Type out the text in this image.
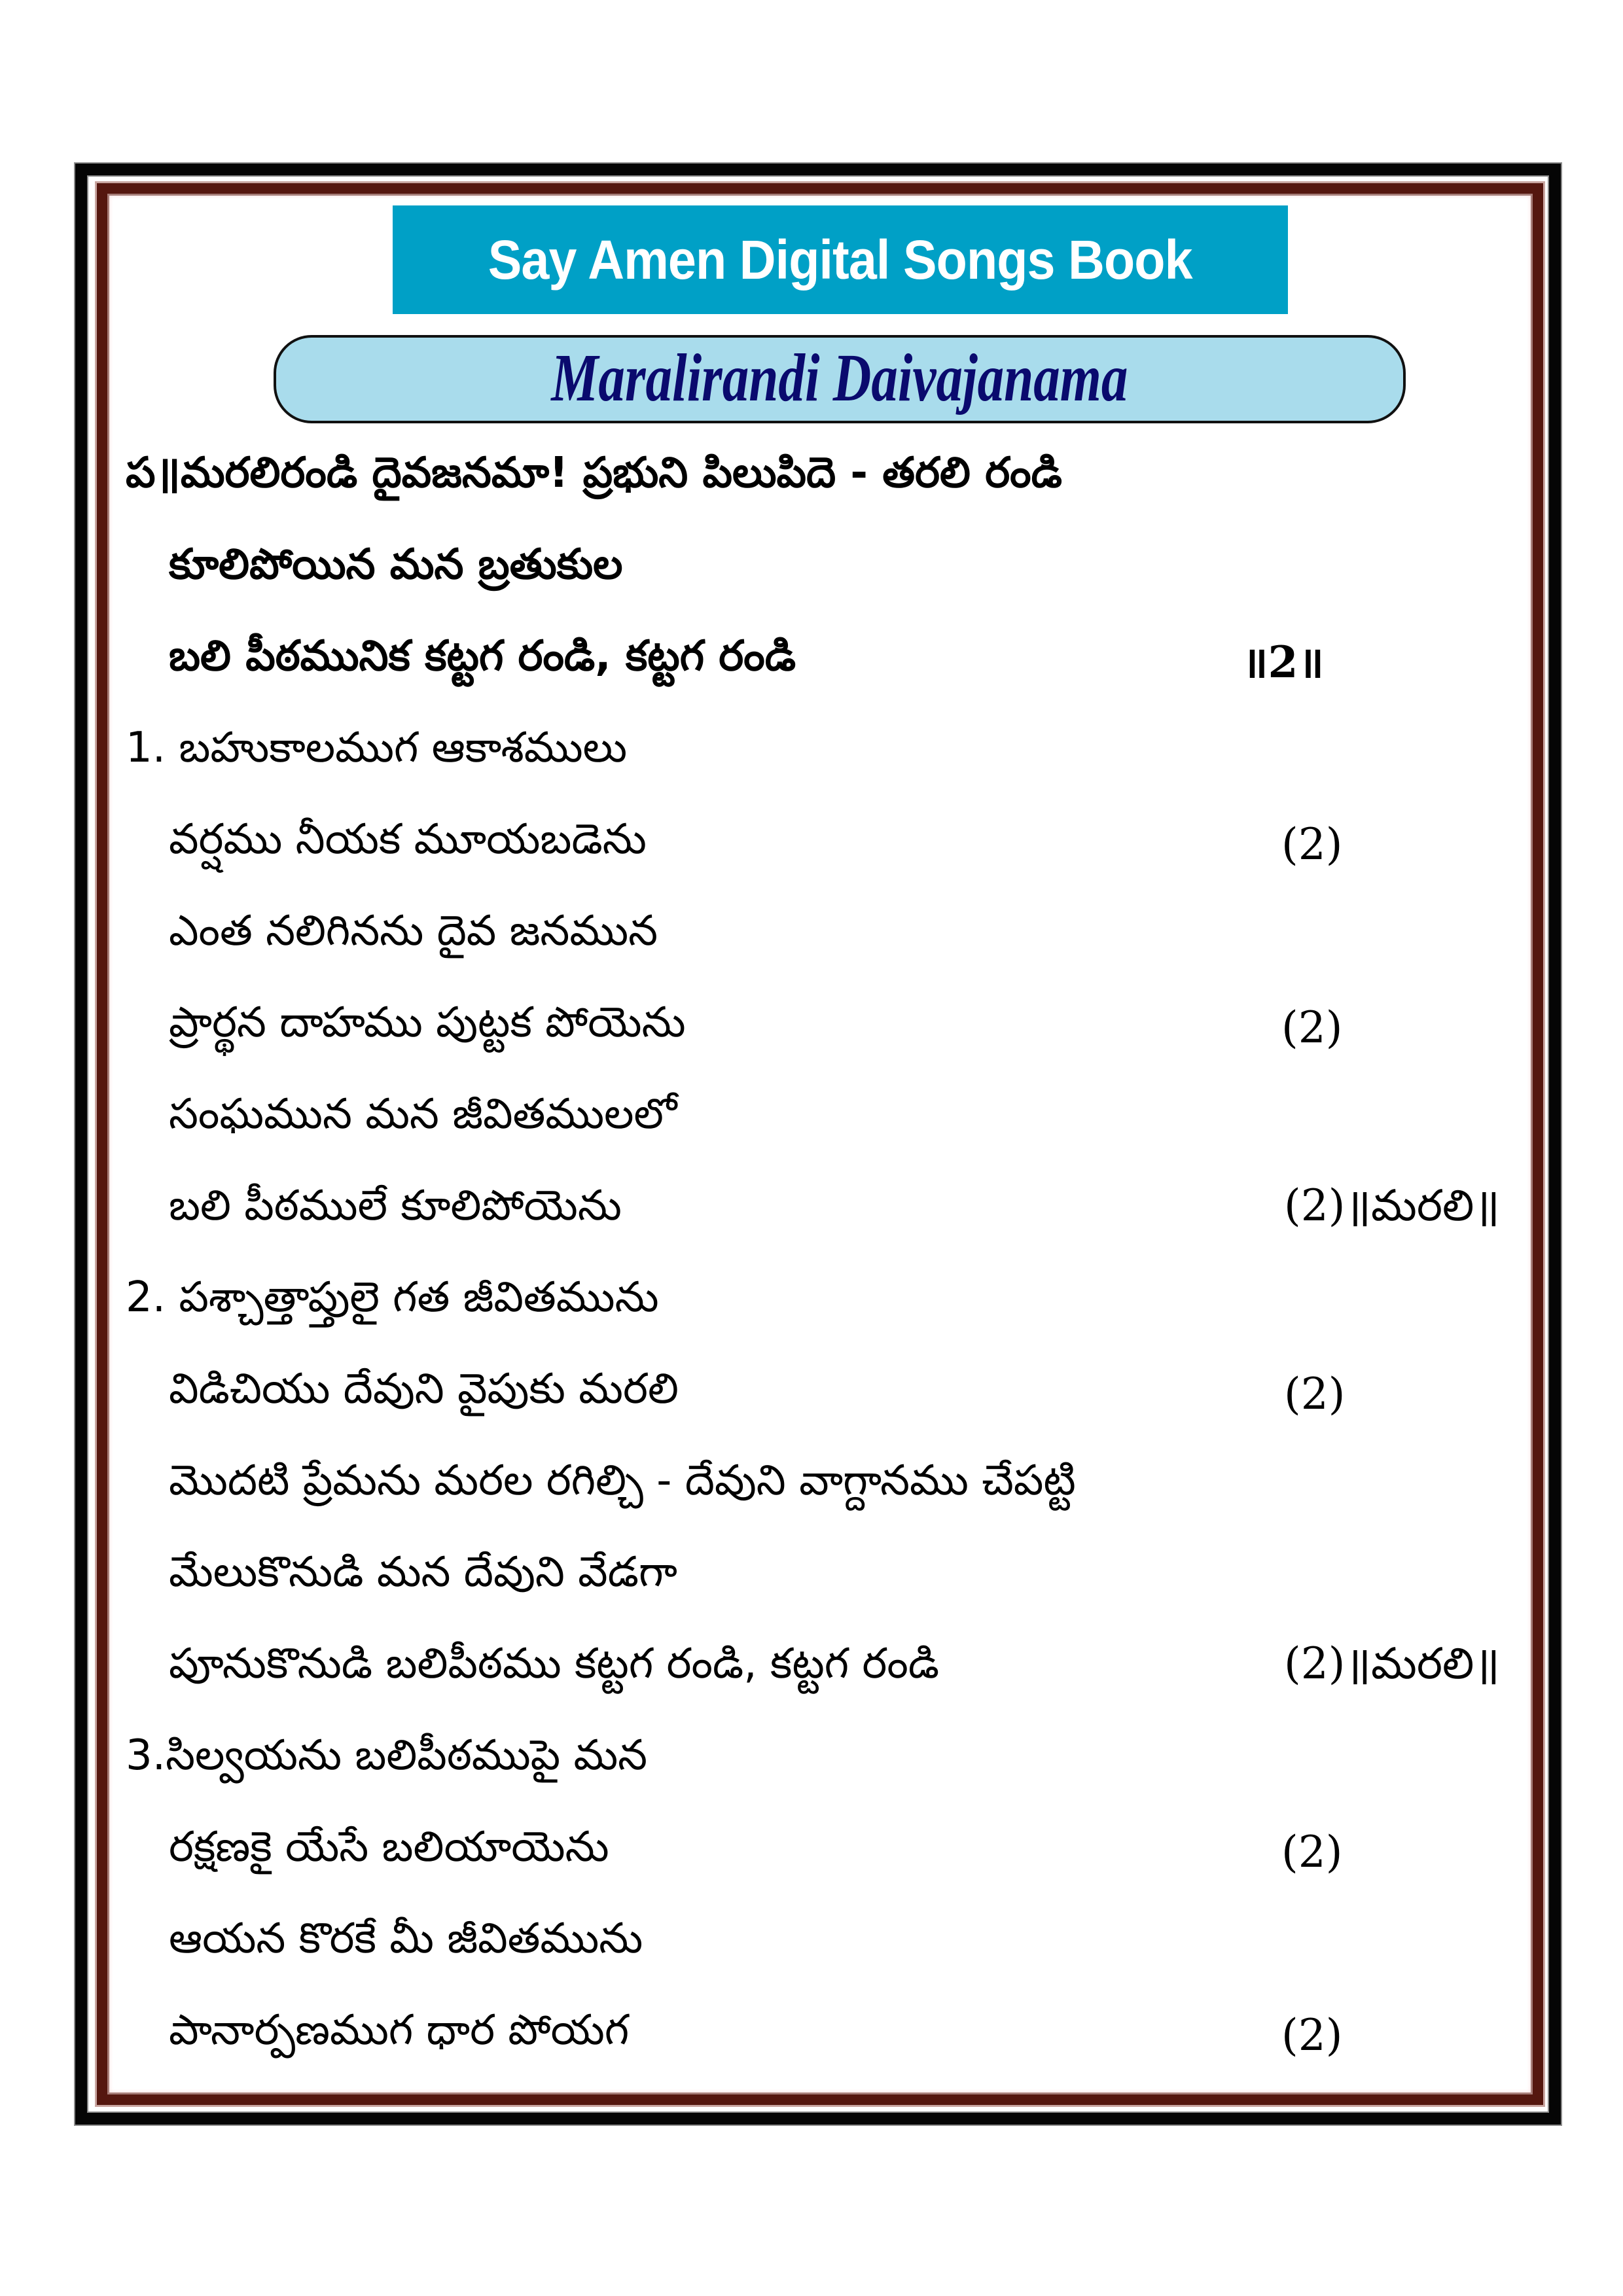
Say Amen Digital Songs Book
Maralirandi Daivajanama
ప॥మరలిరండి దైవజనమా! ప్రభుని పిలుపిదె - తరలి రండి
కూలిపోయిన మన బ్రతుకుల
బలి పీఠమునిక కట్టగ రండి, కట్టగ రండి	॥2॥
1. బహుకాలముగ ఆకాశములు
వర్షము నీయక మూయబడెను	(2)
ఎంత నలిగినను దైవ జనమున
ప్రార్థన దాహము పుట్టక పోయెను	(2)
సంఘమున మన జీవితములలో
బలి పీఠములే కూలిపోయెను	(2)॥మరలి॥
2. పశ్చాత్తాప్తులై గత జీవితమును
విడిచియు దేవుని వైపుకు మరలి	(2)
మొదటి ప్రేమను మరల రగిల్చి - దేవుని వాగ్దానము చేపట్టి
మేలుకొనుడి మన దేవుని వేడగా
పూనుకొనుడి బలిపీఠము కట్టగ రండి, కట్టగ రండి	(2)॥మరలి॥
3.సిల్వయను బలిపీఠముపై మన
రక్షణకై యేసే బలియాయెను	(2)
ఆయన కొరకే మీ జీవితమును
పానార్పణముగ ధార పోయగ	(2)
